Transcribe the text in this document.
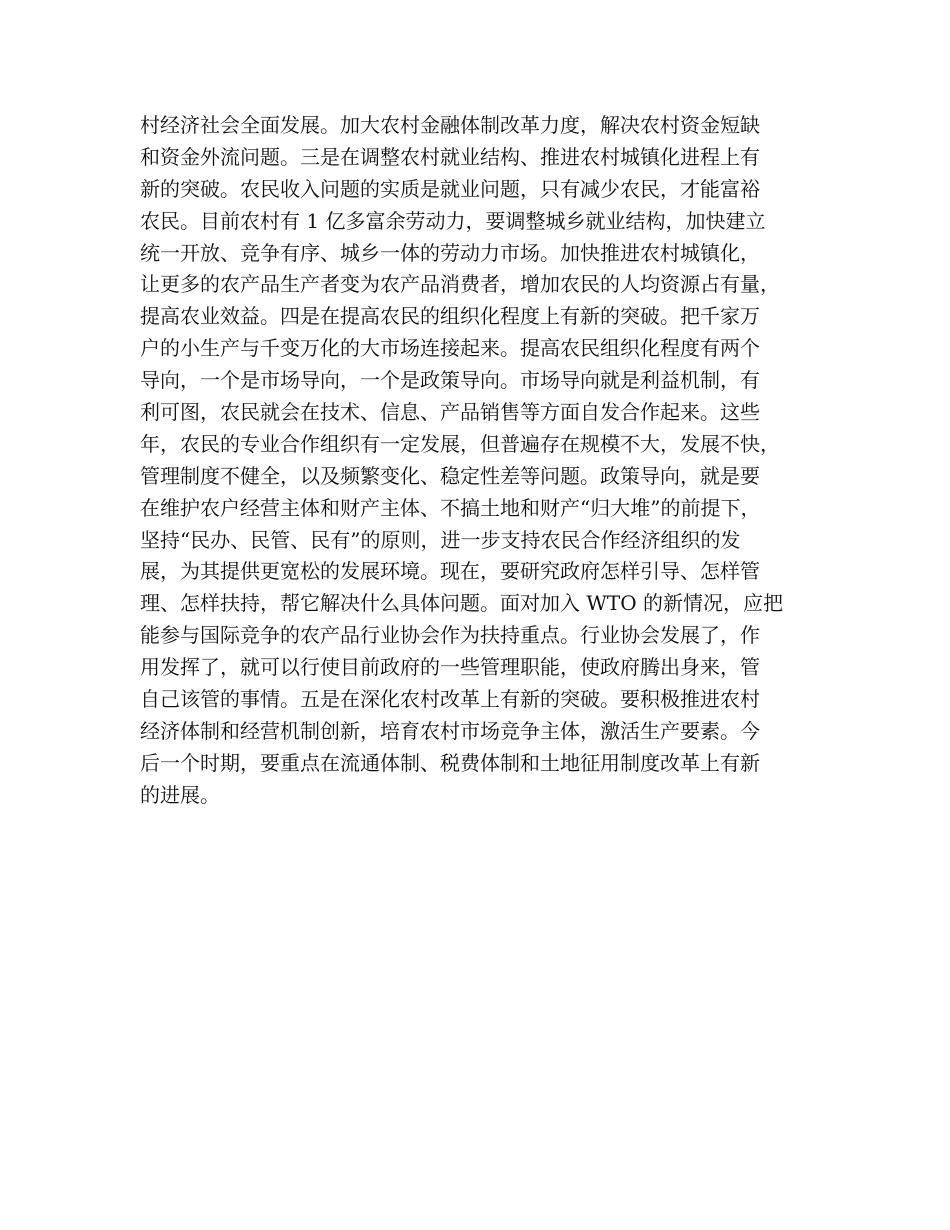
村经济社会全面发展。加大农村金融体制改革力度，解决农村资金短缺

和资金外流问题。三是在调整农村就业结构、推进农村城镇化进程上有

新的突破。农民收入问题的实质是就业问题，只有减少农民，才能富裕

农民。目前农村有 1 亿多富余劳动力，要调整城乡就业结构，加快建立

统一开放、竞争有序、城乡一体的劳动力市场。加快推进农村城镇化，

让更多的农产品生产者变为农产品消费者，增加农民的人均资源占有量，

提高农业效益。四是在提高农民的组织化程度上有新的突破。把千家万

户的小生产与千变万化的大市场连接起来。提高农民组织化程度有两个

导向，一个是市场导向，一个是政策导向。市场导向就是利益机制，有

利可图，农民就会在技术、信息、产品销售等方面自发合作起来。这些

年，农民的专业合作组织有一定发展，但普遍存在规模不大，发展不快，

管理制度不健全，以及频繁变化、稳定性差等问题。政策导向，就是要

在维护农户经营主体和财产主体、不搞土地和财产“归大堆”的前提下，

坚持“民办、民管、民有”的原则，进一步支持农民合作经济组织的发

展，为其提供更宽松的发展环境。现在，要研究政府怎样引导、怎样管

理、怎样扶持，帮它解决什么具体问题。面对加入 WTO 的新情况，应把

能参与国际竞争的农产品行业协会作为扶持重点。行业协会发展了，作

用发挥了，就可以行使目前政府的一些管理职能，使政府腾出身来，管

自己该管的事情。五是在深化农村改革上有新的突破。要积极推进农村

经济体制和经营机制创新，培育农村市场竞争主体，激活生产要素。今

后一个时期，要重点在流通体制、税费体制和土地征用制度改革上有新

的进展。
